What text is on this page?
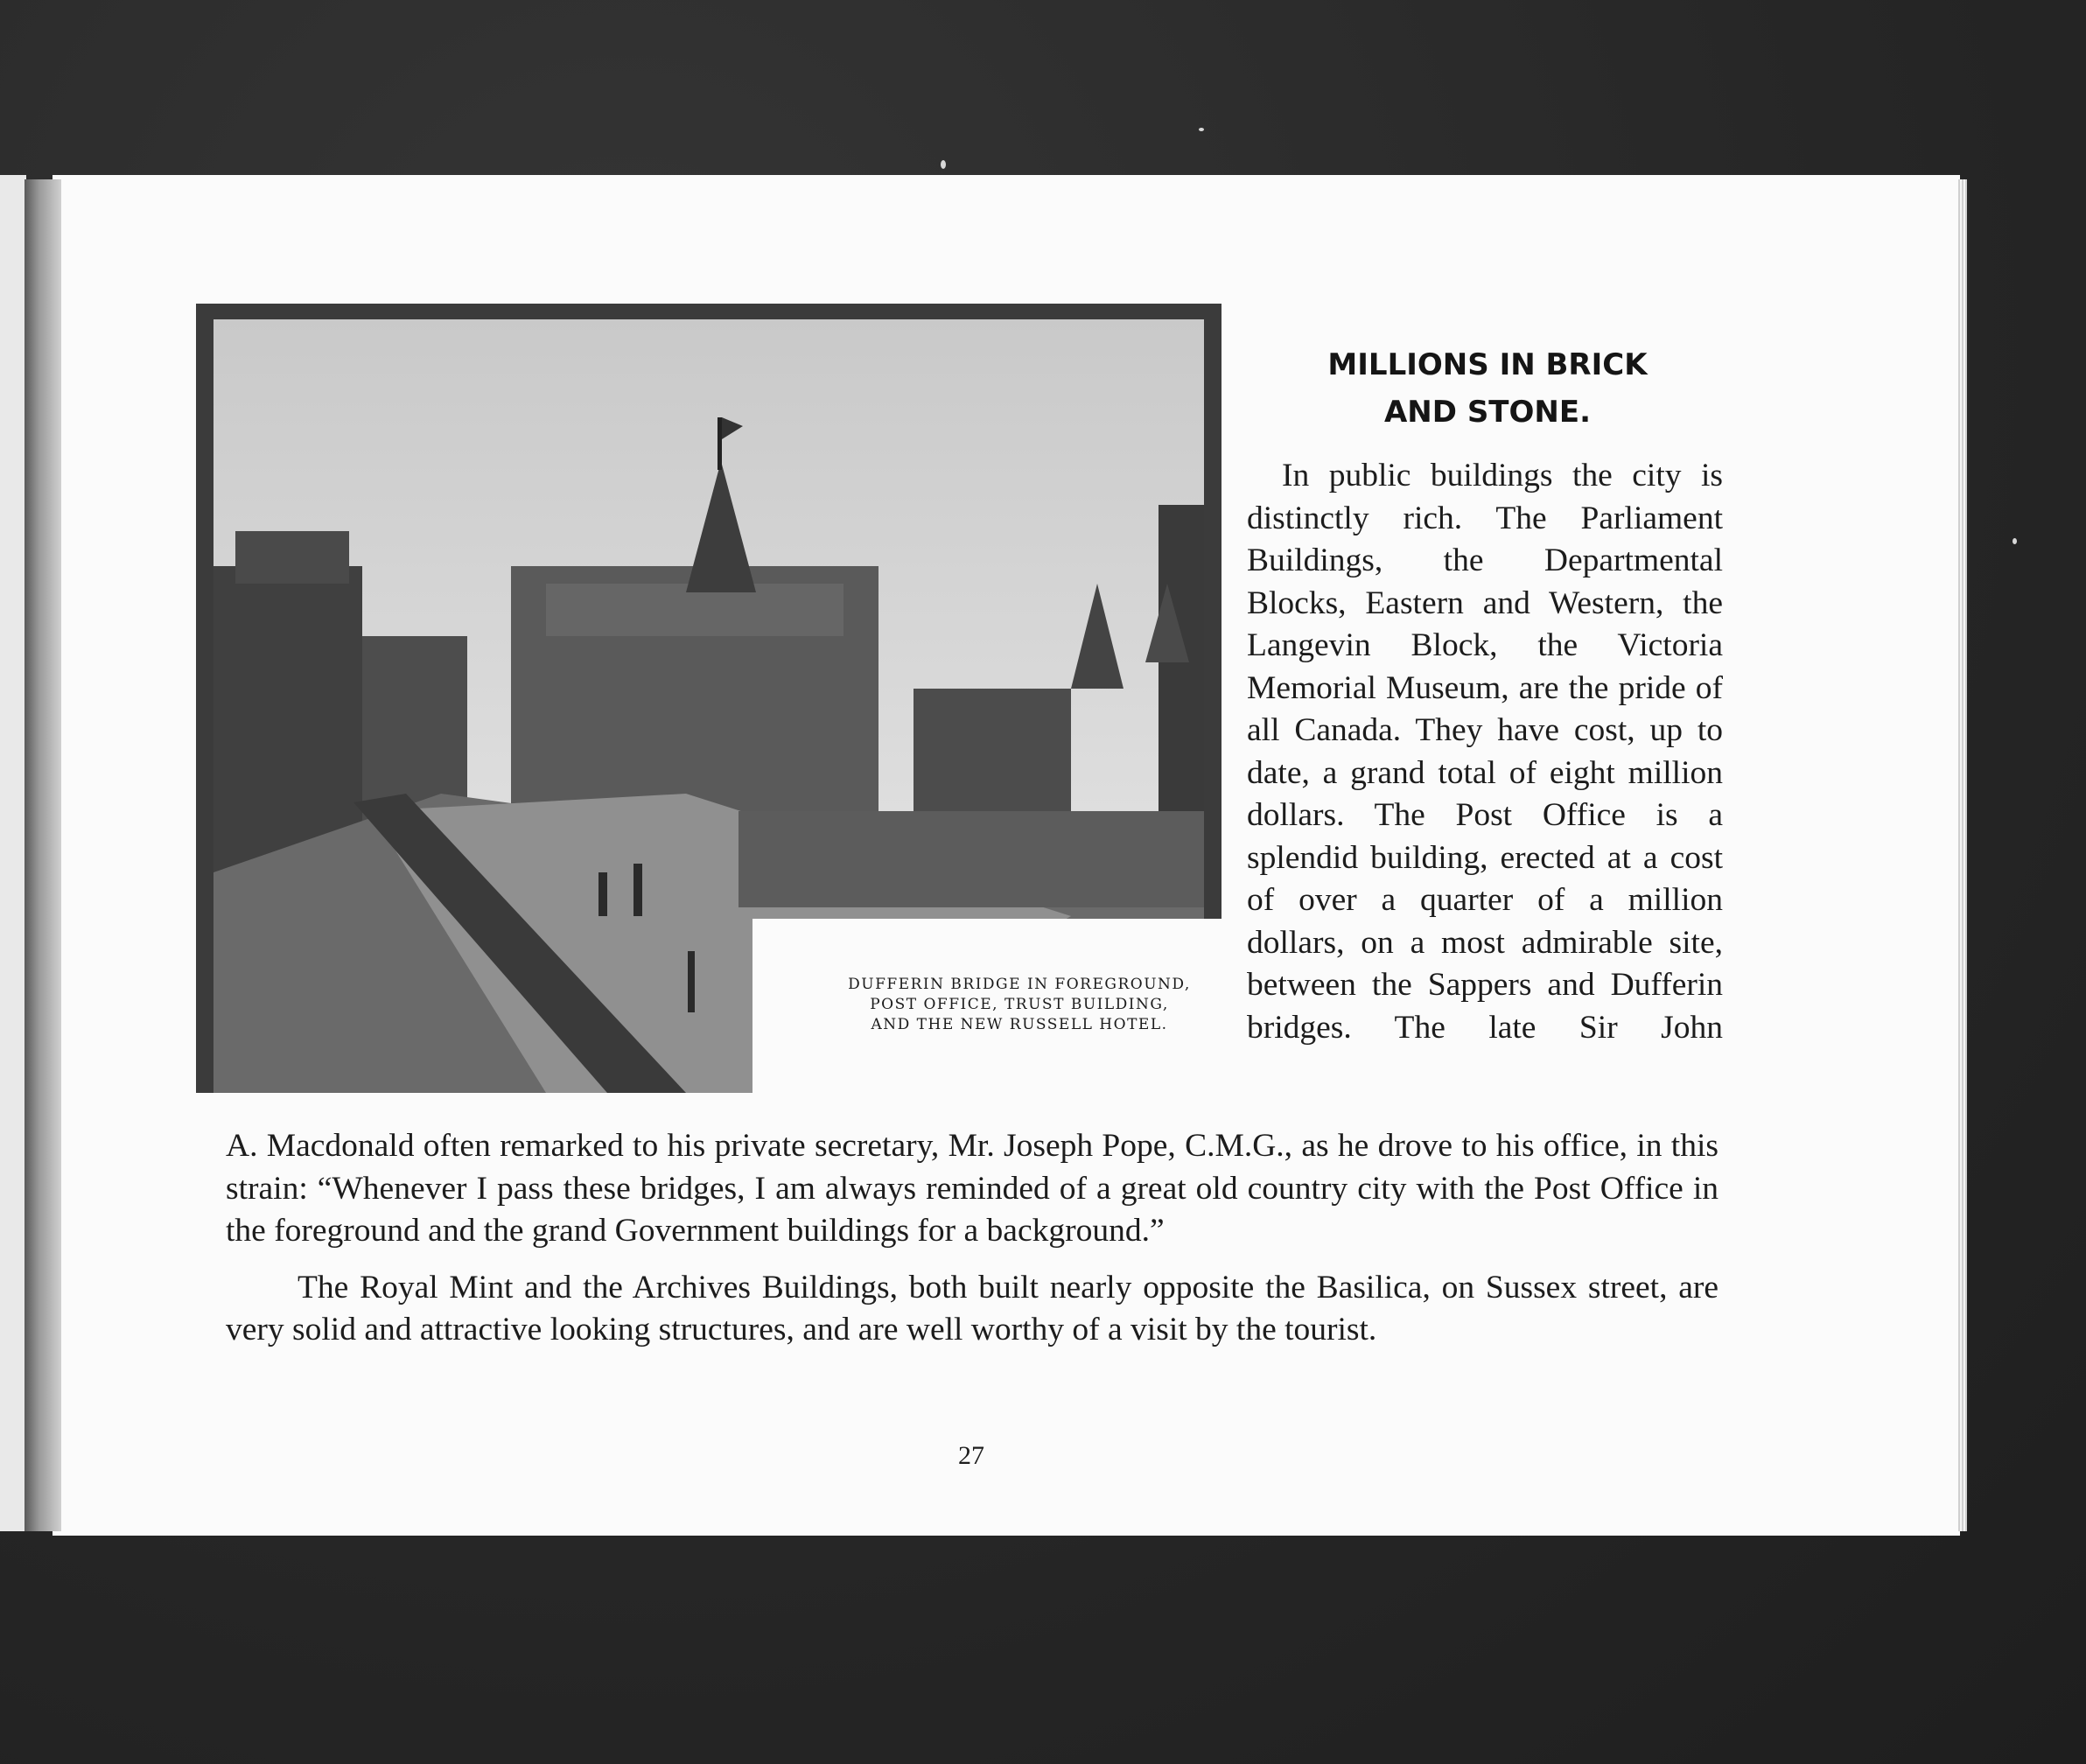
DUFFERIN BRIDGE IN FOREGROUND,
POST OFFICE, TRUST BUILDING,
AND THE NEW RUSSELL HOTEL.
MILLIONS IN BRICK
AND STONE.

In public buildings the city is distinctly rich. The Parliament Buildings, the Departmental Blocks, Eastern and Western, the Langevin Block, the Victoria Memorial Museum, are the pride of all Canada. They have cost, up to date, a grand total of eight million dollars. The Post Office is a splendid building, erected at a cost of over a quarter of a million dollars, on a most admirable site, between the Sappers and Dufferin bridges. The late Sir John

A. Macdonald often remarked to his private secretary, Mr. Joseph Pope, C.M.G., as he drove to his office, in this strain: “Whenever I pass these bridges, I am always reminded of a great old country city with the Post Office in the foreground and the grand Government buildings for a background.”

The Royal Mint and the Archives Buildings, both built nearly opposite the Basilica, on Sussex street, are very solid and attractive looking structures, and are well worthy of a visit by the tourist.

27
